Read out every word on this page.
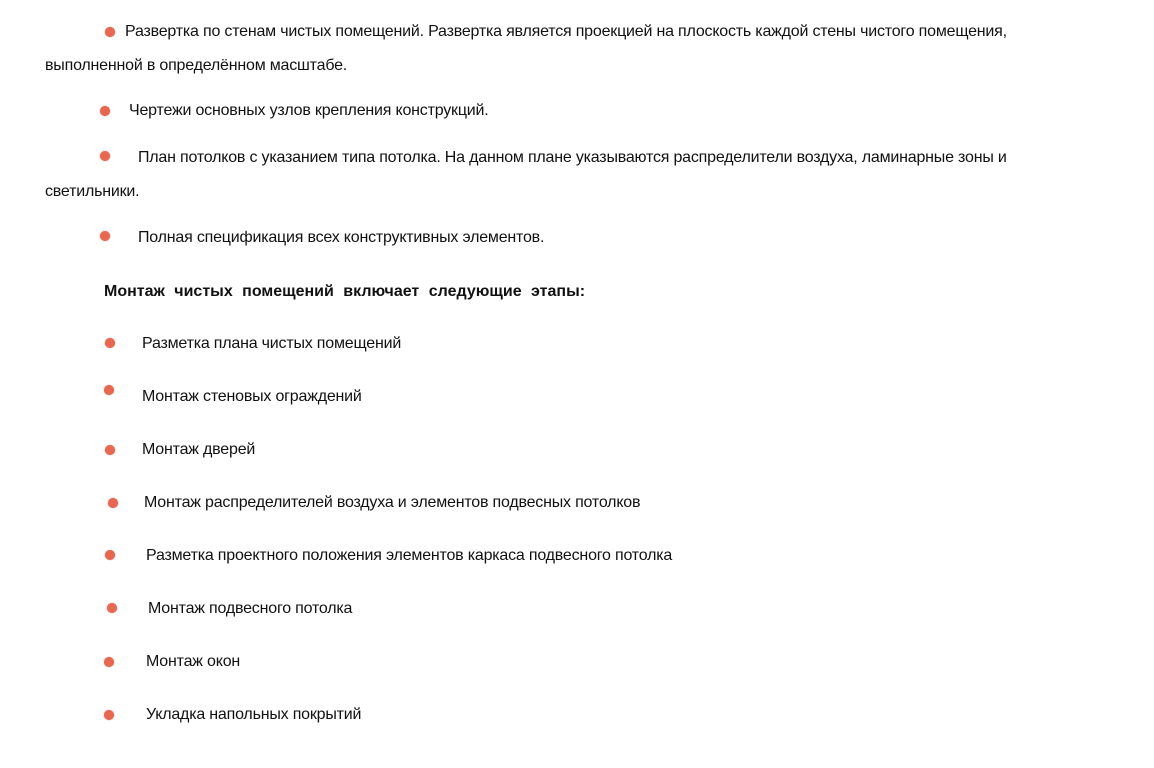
Развертка по стенам чистых помещений. Развертка является проекцией на плоскость каждой стены чистого помещения,
выполненной в определённом масштабе.
Чертежи основных узлов крепления конструкций.
План потолков с указанием типа потолка. На данном плане указываются распределители воздуха, ламинарные зоны и
светильники.
Полная спецификация всех конструктивных элементов.
Монтаж чистых помещений включает следующие этапы:
Разметка плана чистых помещений
Монтаж стеновых ограждений
Монтаж дверей
Монтаж распределителей воздуха и элементов подвесных потолков
Разметка проектного положения элементов каркаса подвесного потолка
Монтаж подвесного потолка
Монтаж окон
Укладка напольных покрытий
